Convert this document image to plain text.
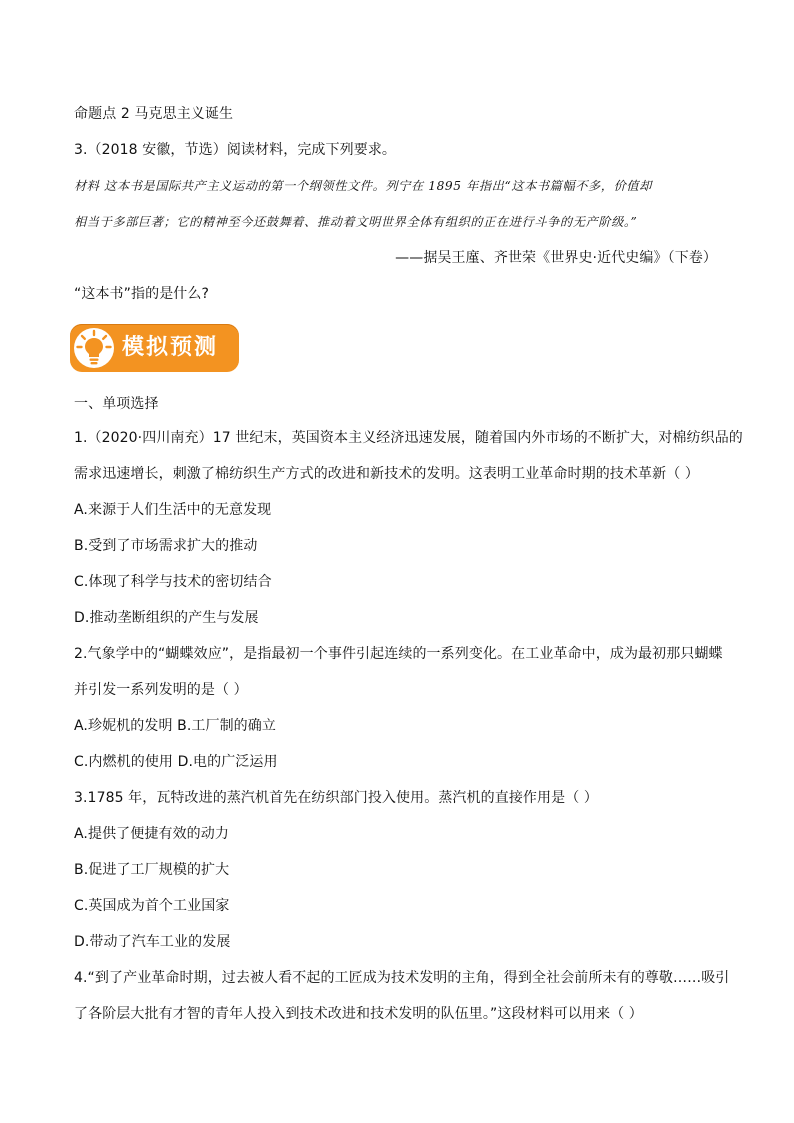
命题点 2 马克思主义诞生
3.（2018 安徽，节选）阅读材料，完成下列要求。
材料 这本书是国际共产主义运动的第一个纲领性文件。列宁在 1895 年指出“这本书篇幅不多，价值却
相当于多部巨著；它的精神至今还鼓舞着、推动着文明世界全体有组织的正在进行斗争的无产阶级。”
——据吴王廑、齐世荣《世界史·近代史编》（下卷）
“这本书”指的是什么?
模拟预测
一、单项选择
1.（2020·四川南充）17 世纪末，英国资本主义经济迅速发展，随着国内外市场的不断扩大，对棉纺织品的
需求迅速增长，刺激了棉纺织生产方式的改进和新技术的发明。这表明工业革命时期的技术革新（ ）
A.来源于人们生活中的无意发现
B.受到了市场需求扩大的推动
C.体现了科学与技术的密切结合
D.推动垄断组织的产生与发展
2.气象学中的“蝴蝶效应”，是指最初一个事件引起连续的一系列变化。在工业革命中，成为最初那只蝴蝶
并引发一系列发明的是（ ）
A.珍妮机的发明 B.工厂制的确立
C.内燃机的使用 D.电的广泛运用
3.1785 年，瓦特改进的蒸汽机首先在纺织部门投入使用。蒸汽机的直接作用是（ ）
A.提供了便捷有效的动力
B.促进了工厂规模的扩大
C.英国成为首个工业国家
D.带动了汽车工业的发展
4.“到了产业革命时期，过去被人看不起的工匠成为技术发明的主角，得到全社会前所未有的尊敬……吸引
了各阶层大批有才智的青年人投入到技术改进和技术发明的队伍里。”这段材料可以用来（ ）
